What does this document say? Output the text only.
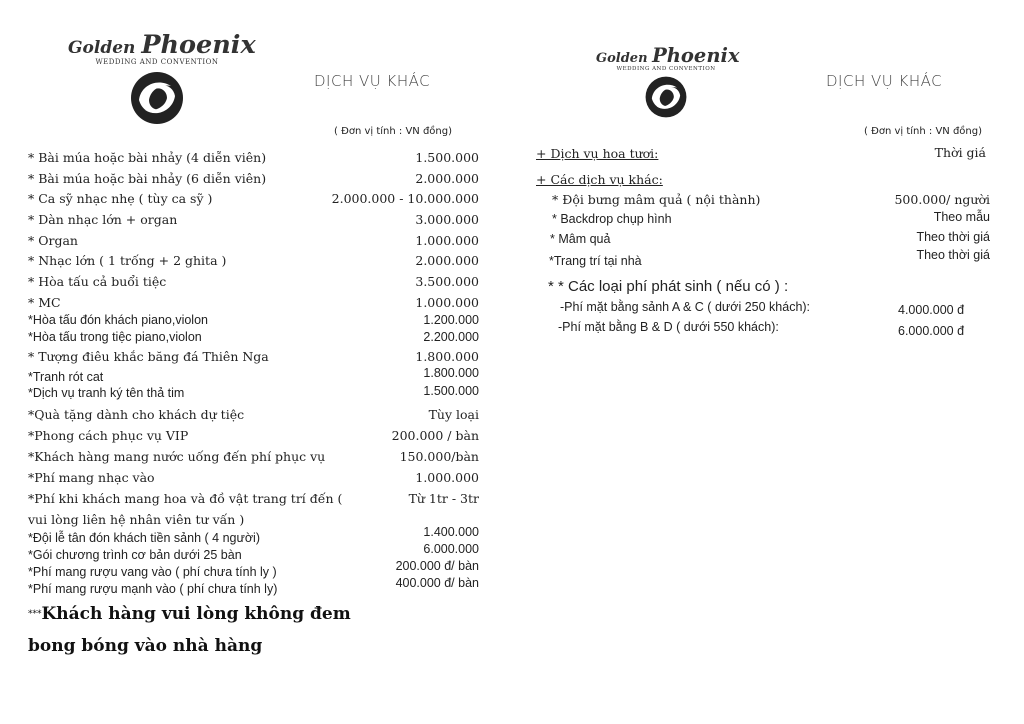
Golden Phoenix
WEDDING AND CONVENTION
DỊCH VỤ KHÁC
( Đơn vị tính : VN đồng)
* Bài múa hoặc bài nhảy (4 diễn viên)	1.500.000
* Bài múa hoặc bài nhảy (6 diễn viên)	2.000.000
* Ca sỹ nhạc nhẹ ( tùy ca sỹ )	2.000.000 - 10.000.000
* Dàn nhạc lớn + organ	3.000.000
* Organ	1.000.000
* Nhạc lớn ( 1 trống + 2 ghita )	2.000.000
* Hòa tấu cả buổi tiệc	3.500.000
* MC	1.000.000
*Hòa tấu đón khách piano,violon	1.200.000
*Hòa tấu trong tiệc piano,violon	2.200.000
* Tượng điêu khắc băng đá Thiên Nga	1.800.000
*Tranh rót cat	1.800.000
*Dịch vụ tranh ký tên thả tim	1.500.000
*Quà tặng dành cho khách dự tiệc	Tùy loại
*Phong cách phục vụ VIP	200.000 / bàn
*Khách hàng mang nước uống đến phí phục vụ	150.000/bàn
*Phí mang nhạc vào	1.000.000
*Phí khi khách mang hoa và đồ vật trang trí đến (	Từ 1tr - 3tr
vui lòng liên hệ nhân viên tư vấn )
*Đội lễ tân đón khách tiền sảnh ( 4 người)	1.400.000
*Gói chương trình cơ bản dưới 25 bàn	6.000.000
*Phí mang rượu vang vào ( phí chưa tính ly )	200.000 đ/ bàn
*Phí mang rượu mạnh vào ( phí chưa tính ly)	400.000 đ/ bàn
***Khách hàng vui lòng không đem
bong bóng vào nhà hàng
Golden Phoenix
WEDDING AND CONVENTION
DỊCH VỤ KHÁC
( Đơn vị tính : VN đồng)
+ Dịch vụ hoa tươi:	Thời giá
+ Các dịch vụ khác:
* Đội bưng mâm quả ( nội thành)	500.000/ người
* Backdrop chụp hình	Theo mẫu
* Mâm quả	Theo thời giá
*Trang trí tại nhà	Theo thời giá
* * Các loại phí phát sinh ( nếu có ) :
-Phí mặt bằng sảnh A & C ( dưới 250 khách):	4.000.000 đ
-Phí mặt bằng B & D ( dưới 550 khách):	6.000.000 đ
